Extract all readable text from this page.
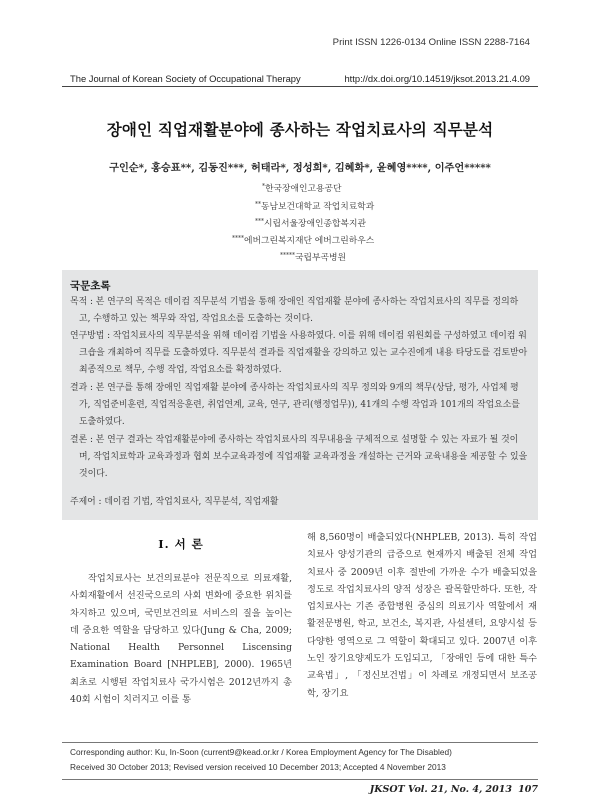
Print ISSN 1226-0134 Online ISSN 2288-7164
The Journal of Korean Society of Occupational Therapy	http://dx.doi.org/10.14519/jksot.2013.21.4.09
장애인 직업재활분야에 종사하는 작업치료사의 직무분석
구인순*, 홍승표**, 김동진***, 허태라*, 정성희*, 김혜화*, 윤혜영****, 이주언*****
*한국장애인고용공단
**동남보건대학교 작업치료학과
***시립서울장애인종합복지관
****에버그린복지재단 에버그린하우스
*****국립부곡병원
국문초록
목적 : 본 연구의 목적은 데이컴 직무분석 기법을 통해 장애인 직업재활 분야에 종사하는 작업치료사의 직무를 정의하고, 수행하고 있는 책무와 작업, 작업요소를 도출하는 것이다.
연구방법 : 작업치료사의 직무분석을 위해 데이컴 기법을 사용하였다. 이를 위해 데이컴 위원회를 구성하였고 데이컴 워크숍을 개최하여 직무를 도출하였다. 직무분석 결과를 직업재활을 강의하고 있는 교수진에게 내용 타당도를 검토받아 최종적으로 책무, 수행 작업, 작업요소를 확정하였다.
결과 : 본 연구를 통해 장애인 직업재활 분야에 종사하는 작업치료사의 직무 정의와 9개의 책무(상담, 평가, 사업체 평가, 직업준비훈련, 직업적응훈련, 취업연계, 교육, 연구, 관리(행정업무)), 41개의 수행 작업과 101개의 작업요소를 도출하였다.
결론 : 본 연구 결과는 작업재활분야에 종사하는 작업치료사의 직무내용을 구체적으로 설명할 수 있는 자료가 될 것이며, 작업치료학과 교육과정과 협회 보수교육과정에 직업재활 교육과정을 개설하는 근거와 교육내용을 제공할 수 있을 것이다.
주제어 : 데이컴 기법, 작업치료사, 직무분석, 직업재활
Ⅰ. 서 론
작업치료사는 보건의료분야 전문직으로 의료재활, 사회재활에서 선진국으로의 사회 변화에 중요한 위치를 차지하고 있으며, 국민보건의료 서비스의 질을 높이는 데 중요한 역할을 담당하고 있다(Jung & Cha, 2009; National Health Personnel Liscensing Examination Board [NHPLEB], 2000). 1965년 최초로 시행된 작업치료사 국가시험은 2012년까지 총 40회 시험이 치러지고 이를 통
해 8,560명이 배출되었다(NHPLEB, 2013). 특히 작업치료사 양성기관의 급증으로 현재까지 배출된 전체 작업치료사 중 2009년 이후 절반에 가까운 수가 배출되었을 정도로 작업치료사의 양적 성장은 괄목할만하다. 또한, 작업치료사는 기존 종합병원 중심의 의료기사 역할에서 재활전문병원, 학교, 보건소, 복지관, 사설센터, 요양시설 등 다양한 영역으로 그 역할이 확대되고 있다. 2007년 이후 노인 장기요양제도가 도입되고, 「장애인 등에 대한 특수교육법」, 「정신보건법」이 차례로 개정되면서 보조공학, 장기요
Corresponding author: Ku, In-Soon (current9@kead.or.kr / Korea Employment Agency for The Disabled)
Received 30 October 2013; Revised version received 10 December 2013; Accepted 4 November 2013
JKSOT Vol. 21, No. 4, 2013 107
